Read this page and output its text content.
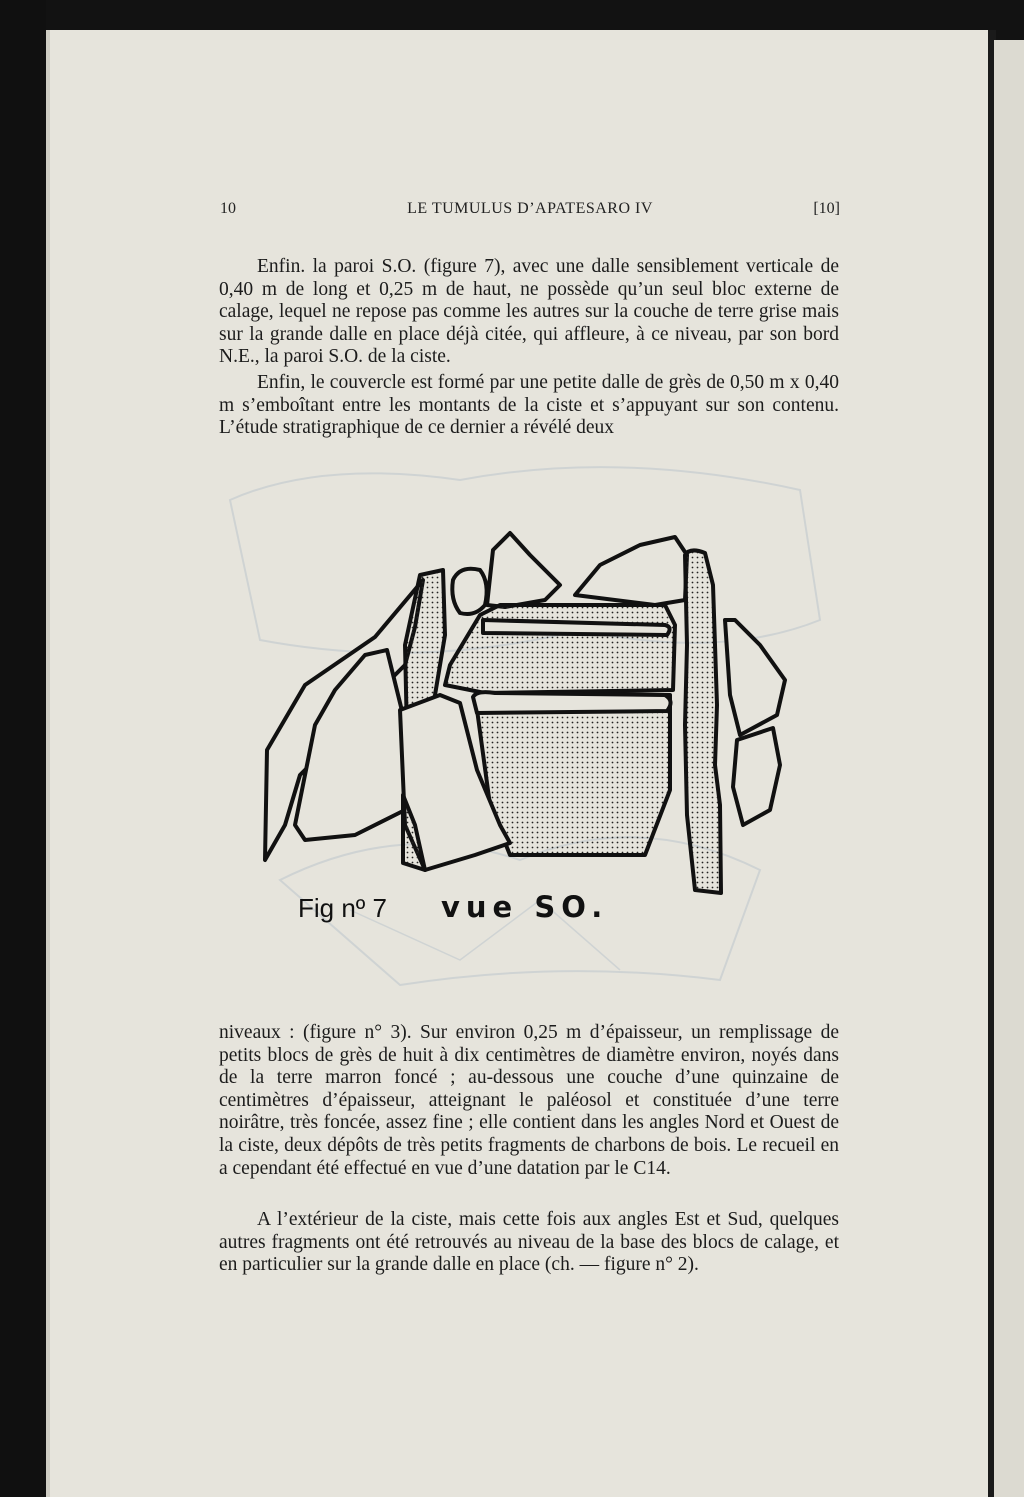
10	LE TUMULUS D’APATESARO IV	[10]

Enfin. la paroi S.O. (figure 7), avec une dalle sensiblement verticale de 0,40 m de long et 0,25 m de haut, ne possède qu’un seul bloc externe de calage, lequel ne repose pas comme les autres sur la couche de terre grise mais sur la grande dalle en place déjà citée, qui affleure, à ce niveau, par son bord N.E., la paroi S.O. de la ciste.

Enfin, le couvercle est formé par une petite dalle de grès de 0,50 m x 0,40 m s’emboîtant entre les montants de la ciste et s’appuyant sur son contenu. L’étude stratigraphique de ce dernier a révélé deux

Fig nº 7 vue SO.

niveaux : (figure n° 3). Sur environ 0,25 m d’épaisseur, un remplissage de petits blocs de grès de huit à dix centimètres de diamètre environ, noyés dans de la terre marron foncé ; au-dessous une couche d’une quinzaine de centimètres d’épaisseur, atteignant le paléosol et constituée d’une terre noirâtre, très foncée, assez fine ; elle contient dans les angles Nord et Ouest de la ciste, deux dépôts de très petits fragments de charbons de bois. Le recueil en a cependant été effectué en vue d’une datation par le C14.

A l’extérieur de la ciste, mais cette fois aux angles Est et Sud, quelques autres fragments ont été retrouvés au niveau de la base des blocs de calage, et en particulier sur la grande dalle en place (ch. — figure n° 2).
